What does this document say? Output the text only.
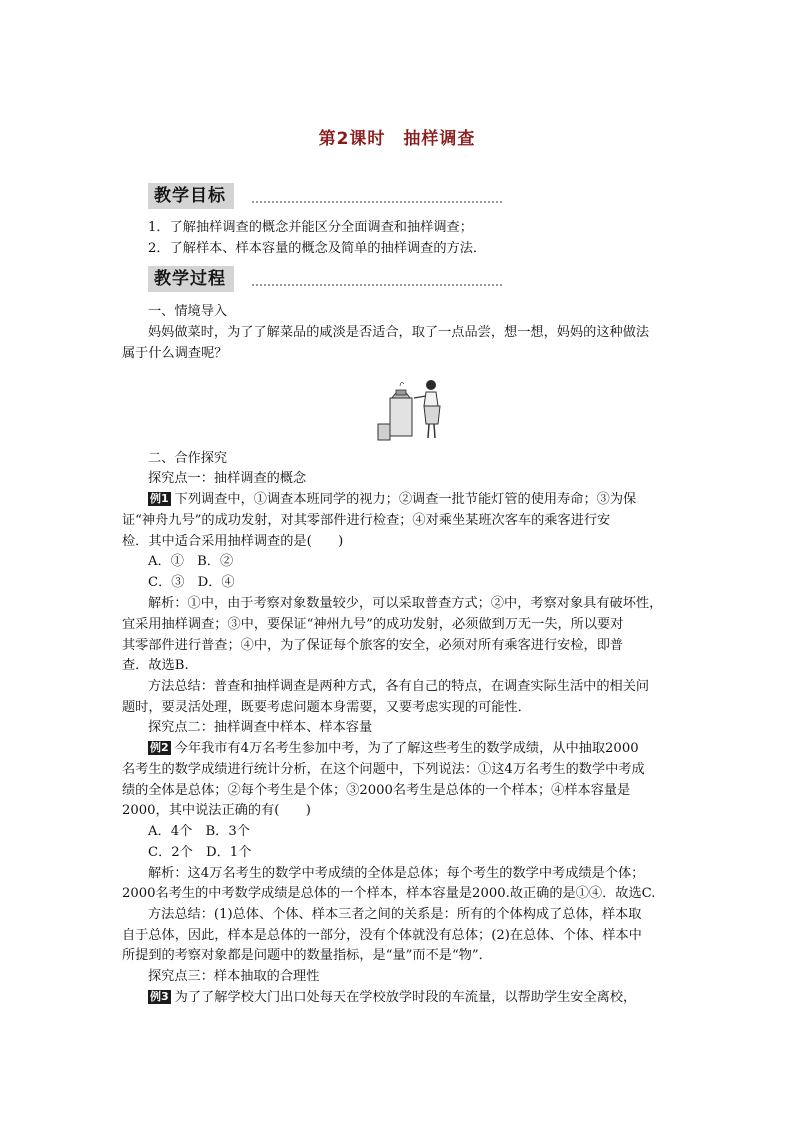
第2课时　抽样调查
教学目标
1．了解抽样调查的概念并能区分全面调查和抽样调查；
2．了解样本、样本容量的概念及简单的抽样调查的方法．
教学过程
一、情境导入
妈妈做菜时，为了了解菜品的咸淡是否适合，取了一点品尝，想一想，妈妈的这种做法
属于什么调查呢？
二、合作探究
探究点一：抽样调查的概念
例1 下列调查中，①调查本班同学的视力；②调查一批节能灯管的使用寿命；③为保
证“神舟九号”的成功发射，对其零部件进行检查；④对乘坐某班次客车的乘客进行安
检．其中适合采用抽样调查的是(　　)
A．①　B．②
C．③　D．④
解析：①中，由于考察对象数量较少，可以采取普查方式；②中，考察对象具有破坏性，
宜采用抽样调查；③中，要保证“神州九号”的成功发射，必须做到万无一失，所以要对
其零部件进行普查；④中，为了保证每个旅客的安全，必须对所有乘客进行安检，即普
查．故选B.
方法总结：普查和抽样调查是两种方式，各有自己的特点，在调查实际生活中的相关问
题时，要灵活处理，既要考虑问题本身需要，又要考虑实现的可能性．
探究点二：抽样调查中样本、样本容量
例2 今年我市有4万名考生参加中考，为了了解这些考生的数学成绩，从中抽取2000
名考生的数学成绩进行统计分析，在这个问题中，下列说法：①这4万名考生的数学中考成
绩的全体是总体；②每个考生是个体；③2000名考生是总体的一个样本；④样本容量是
2000，其中说法正确的有(　　)
A．4个　B．3个
C．2个　D．1个
解析：这4万名考生的数学中考成绩的全体是总体；每个考生的数学中考成绩是个体；
2000名考生的中考数学成绩是总体的一个样本，样本容量是2000.故正确的是①④．故选C.
方法总结：(1)总体、个体、样本三者之间的关系是：所有的个体构成了总体，样本取
自于总体，因此，样本是总体的一部分，没有个体就没有总体；(2)在总体、个体、样本中
所提到的考察对象都是问题中的数量指标，是“量”而不是“物”．
探究点三：样本抽取的合理性
例3 为了了解学校大门出口处每天在学校放学时段的车流量，以帮助学生安全离校，
